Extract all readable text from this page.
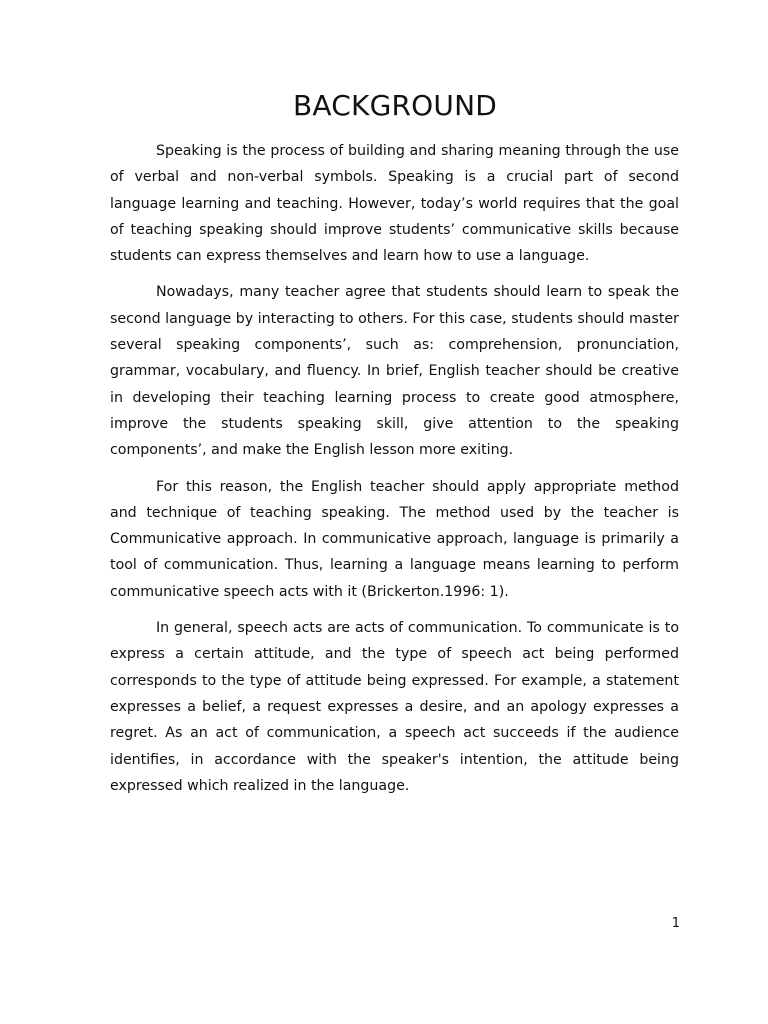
BACKGROUND

Speaking is the process of building and sharing meaning through the use of verbal and non-verbal symbols. Speaking is a crucial part of second language learning and teaching. However, today’s world requires that the goal of teaching speaking should improve students’ communicative skills because students can express themselves and learn how to use a language.

Nowadays, many teacher agree that students should learn to speak the second language by interacting to others. For this case, students should master several speaking components’, such as: comprehension, pronunciation, grammar, vocabulary, and fluency. In brief, English teacher should be creative in developing their teaching learning process to create good atmosphere, improve the students speaking skill, give attention to the speaking components’, and make the English lesson more exiting.

For this reason, the English teacher should apply appropriate method and technique of teaching speaking. The method used by the teacher is Communicative approach. In communicative approach, language is primarily a tool of communication. Thus, learning a language means learning to perform communicative speech acts with it (Brickerton.1996: 1).

In general, speech acts are acts of communication. To communicate is to express a certain attitude, and the type of speech act being performed corresponds to the type of attitude being expressed. For example, a statement expresses a belief, a request expresses a desire, and an apology expresses a regret. As an act of communication, a speech act succeeds if the audience identifies, in accordance with the speaker's intention, the attitude being expressed which realized in the language.

1
